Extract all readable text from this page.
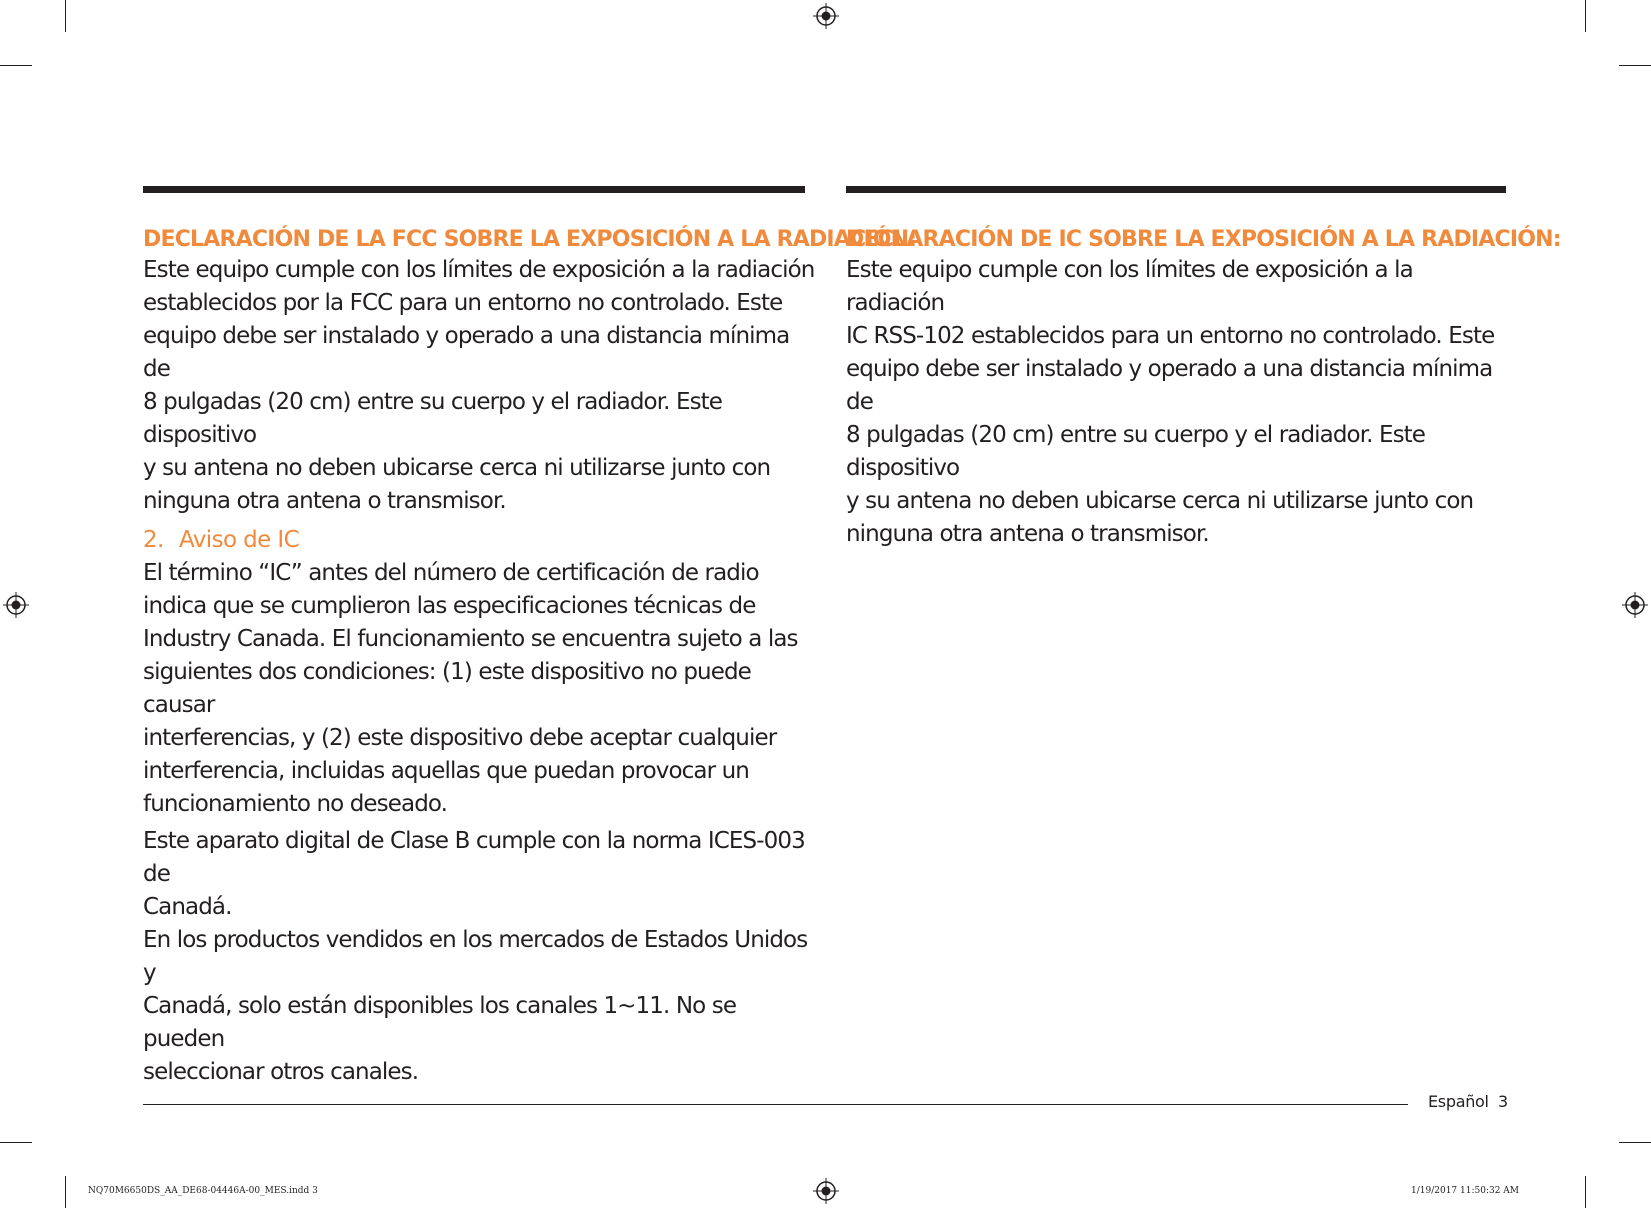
DECLARACIÓN DE LA FCC SOBRE LA EXPOSICIÓN A LA RADIACIÓN:

Este equipo cumple con los límites de exposición a la radiación
establecidos por la FCC para un entorno no controlado. Este
equipo debe ser instalado y operado a una distancia mínima de
8 pulgadas (20 cm) entre su cuerpo y el radiador. Este dispositivo
y su antena no deben ubicarse cerca ni utilizarse junto con
ninguna otra antena o transmisor.

2. Aviso de IC

El término “IC” antes del número de certificación de radio
indica que se cumplieron las especificaciones técnicas de
Industry Canada. El funcionamiento se encuentra sujeto a las
siguientes dos condiciones: (1) este dispositivo no puede causar
interferencias, y (2) este dispositivo debe aceptar cualquier
interferencia, incluidas aquellas que puedan provocar un
funcionamiento no deseado.

Este aparato digital de Clase B cumple con la norma ICES-003 de
Canadá.

En los productos vendidos en los mercados de Estados Unidos y
Canadá, solo están disponibles los canales 1~11. No se pueden
seleccionar otros canales.

DECLARACIÓN DE IC SOBRE LA EXPOSICIÓN A LA RADIACIÓN:

Este equipo cumple con los límites de exposición a la radiación
IC RSS-102 establecidos para un entorno no controlado. Este
equipo debe ser instalado y operado a una distancia mínima de
8 pulgadas (20 cm) entre su cuerpo y el radiador. Este dispositivo
y su antena no deben ubicarse cerca ni utilizarse junto con
ninguna otra antena o transmisor.

Español 3
NQ70M6650DS_AA_DE68-04446A-00_MES.indd 3	1/19/2017 11:50:32 AM
